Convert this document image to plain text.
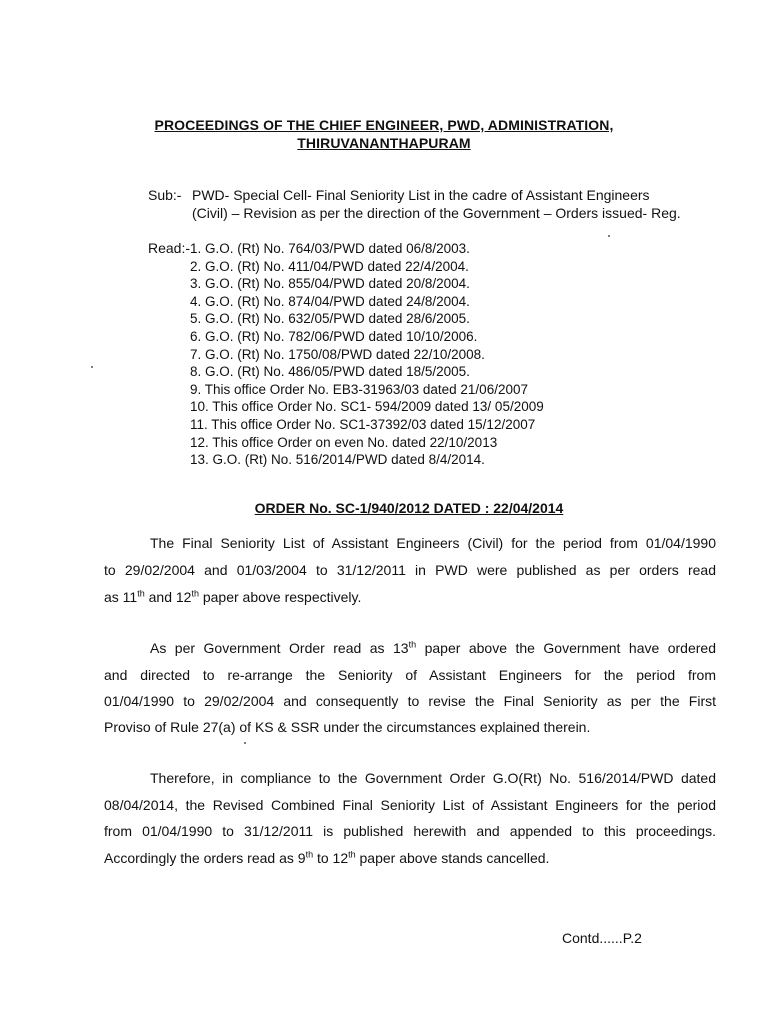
PROCEEDINGS OF THE CHIEF ENGINEER, PWD, ADMINISTRATION,
THIRUVANANTHAPURAM
Sub:- PWD- Special Cell- Final Seniority List in the cadre of Assistant Engineers
(Civil) – Revision as per the direction of the Government – Orders issued- Reg.
Read:- 1. G.O. (Rt) No. 764/03/PWD dated 06/8/2003.
2. G.O. (Rt) No. 411/04/PWD dated 22/4/2004.
3. G.O. (Rt) No. 855/04/PWD dated 20/8/2004.
4. G.O. (Rt) No. 874/04/PWD dated 24/8/2004.
5. G.O. (Rt) No. 632/05/PWD dated 28/6/2005.
6. G.O. (Rt) No. 782/06/PWD dated 10/10/2006.
7. G.O. (Rt) No. 1750/08/PWD dated 22/10/2008.
8. G.O. (Rt) No. 486/05/PWD dated 18/5/2005.
9. This office Order No. EB3-31963/03 dated 21/06/2007
10. This office Order No. SC1- 594/2009 dated 13/ 05/2009
11. This office Order No. SC1-37392/03 dated 15/12/2007
12. This office Order on even No. dated 22/10/2013
13. G.O. (Rt) No. 516/2014/PWD dated 8/4/2014.
ORDER No. SC-1/940/2012 DATED : 22/04/2014
The Final Seniority List of Assistant Engineers (Civil) for the period from 01/04/1990
to 29/02/2004 and 01/03/2004 to 31/12/2011 in PWD were published as per orders read
as 11th and 12th paper above respectively.
As per Government Order read as 13th paper above the Government have ordered
and directed to re-arrange the Seniority of Assistant Engineers for the period from
01/04/1990 to 29/02/2004 and consequently to revise the Final Seniority as per the First
Proviso of Rule 27(a) of KS & SSR under the circumstances explained therein.
Therefore, in compliance to the Government Order G.O(Rt) No. 516/2014/PWD dated
08/04/2014, the Revised Combined Final Seniority List of Assistant Engineers for the period
from 01/04/1990 to 31/12/2011 is published herewith and appended to this proceedings.
Accordingly the orders read as 9th to 12th paper above stands cancelled.
Contd......P.2
